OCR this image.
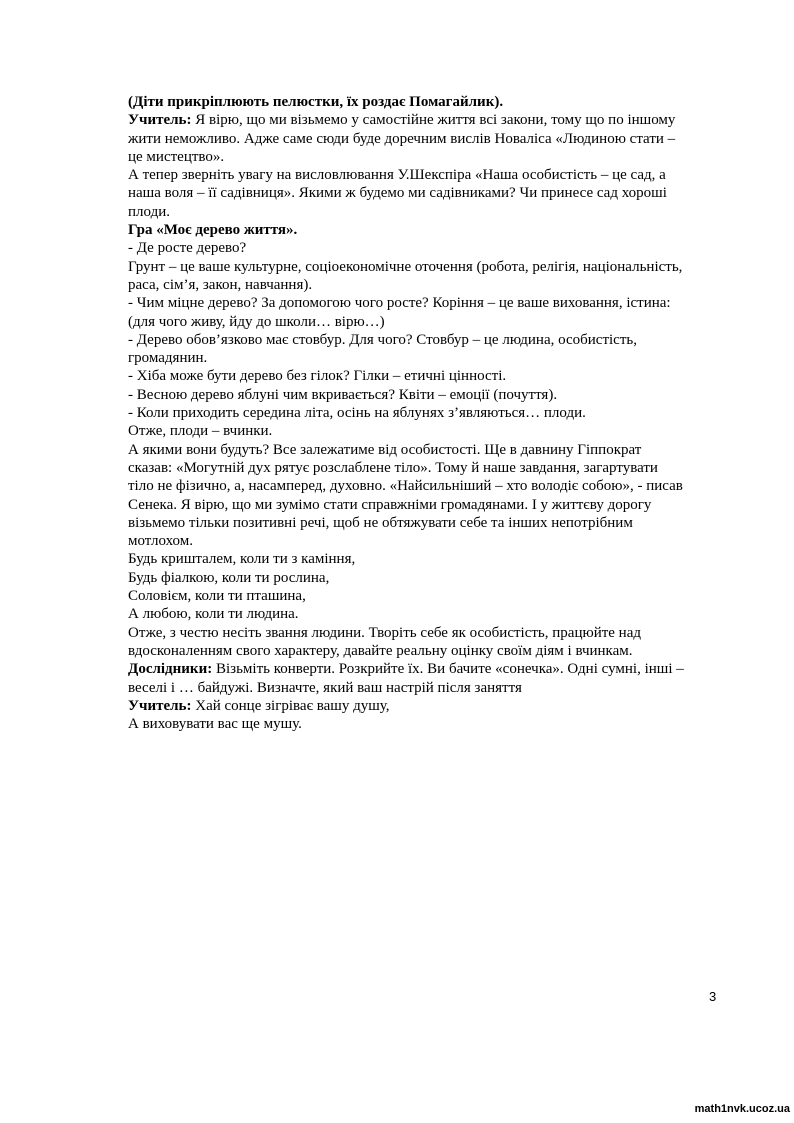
(Діти прикріплюють пелюстки, їх роздає Помагайлик).
Учитель: Я вірю, що ми візьмемо у самостійне життя всі закони, тому що по іншому
жити неможливо. Адже саме сюди буде доречним вислів Новаліса «Людиною стати –
це мистецтво».
А тепер зверніть увагу на висловлювання У.Шекспіра «Наша особистість – це сад, а
наша воля – її садівниця». Якими ж будемо ми садівниками? Чи принесе сад хороші
плоди.
Гра «Моє дерево життя».
- Де росте дерево?
Грунт – це ваше культурне, соціоекономічне оточення (робота, релігія, національність,
раса, сім’я, закон, навчання).
- Чим міцне дерево? За допомогою чого росте? Коріння – це ваше виховання, істина:
(для чого живу, йду до школи… вірю…)
- Дерево обов’язково має стовбур. Для чого? Стовбур – це людина, особистість,
громадянин.
- Хіба може бути дерево без гілок? Гілки – етичні цінності.
- Весною дерево яблуні чим вкривається? Квіти – емоції (почуття).
- Коли приходить середина літа, осінь на яблунях з’являються… плоди.
Отже, плоди – вчинки.
А якими вони будуть? Все залежатиме від особистості. Ще в давнину Гіппократ
сказав: «Могутній дух рятує розслаблене тіло». Тому й наше завдання, загартувати
тіло не фізично, а, насамперед, духовно. «Найсильніший – хто володіє собою», - писав
Сенека. Я вірю, що ми зумімо стати справжніми громадянами. І у життєву дорогу
візьмемо тільки позитивні речі, щоб не обтяжувати себе та інших непотрібним
мотлохом.
Будь кришталем, коли ти з каміння,
Будь фіалкою, коли ти рослина,
Соловієм, коли ти пташина,
А любою, коли ти людина.
Отже, з честю несіть звання людини. Творіть себе як особистість, працюйте над
вдосконаленням свого характеру, давайте реальну оцінку своїм діям і вчинкам.
Дослідники: Візьміть конверти. Розкрийте їх. Ви бачите «сонечка». Одні сумні, інші –
веселі і … байдужі. Визначте, який ваш настрій після заняття
Учитель: Хай сонце зігріває вашу душу,
А виховувати вас ще мушу.
3
math1nvk.ucoz.ua
